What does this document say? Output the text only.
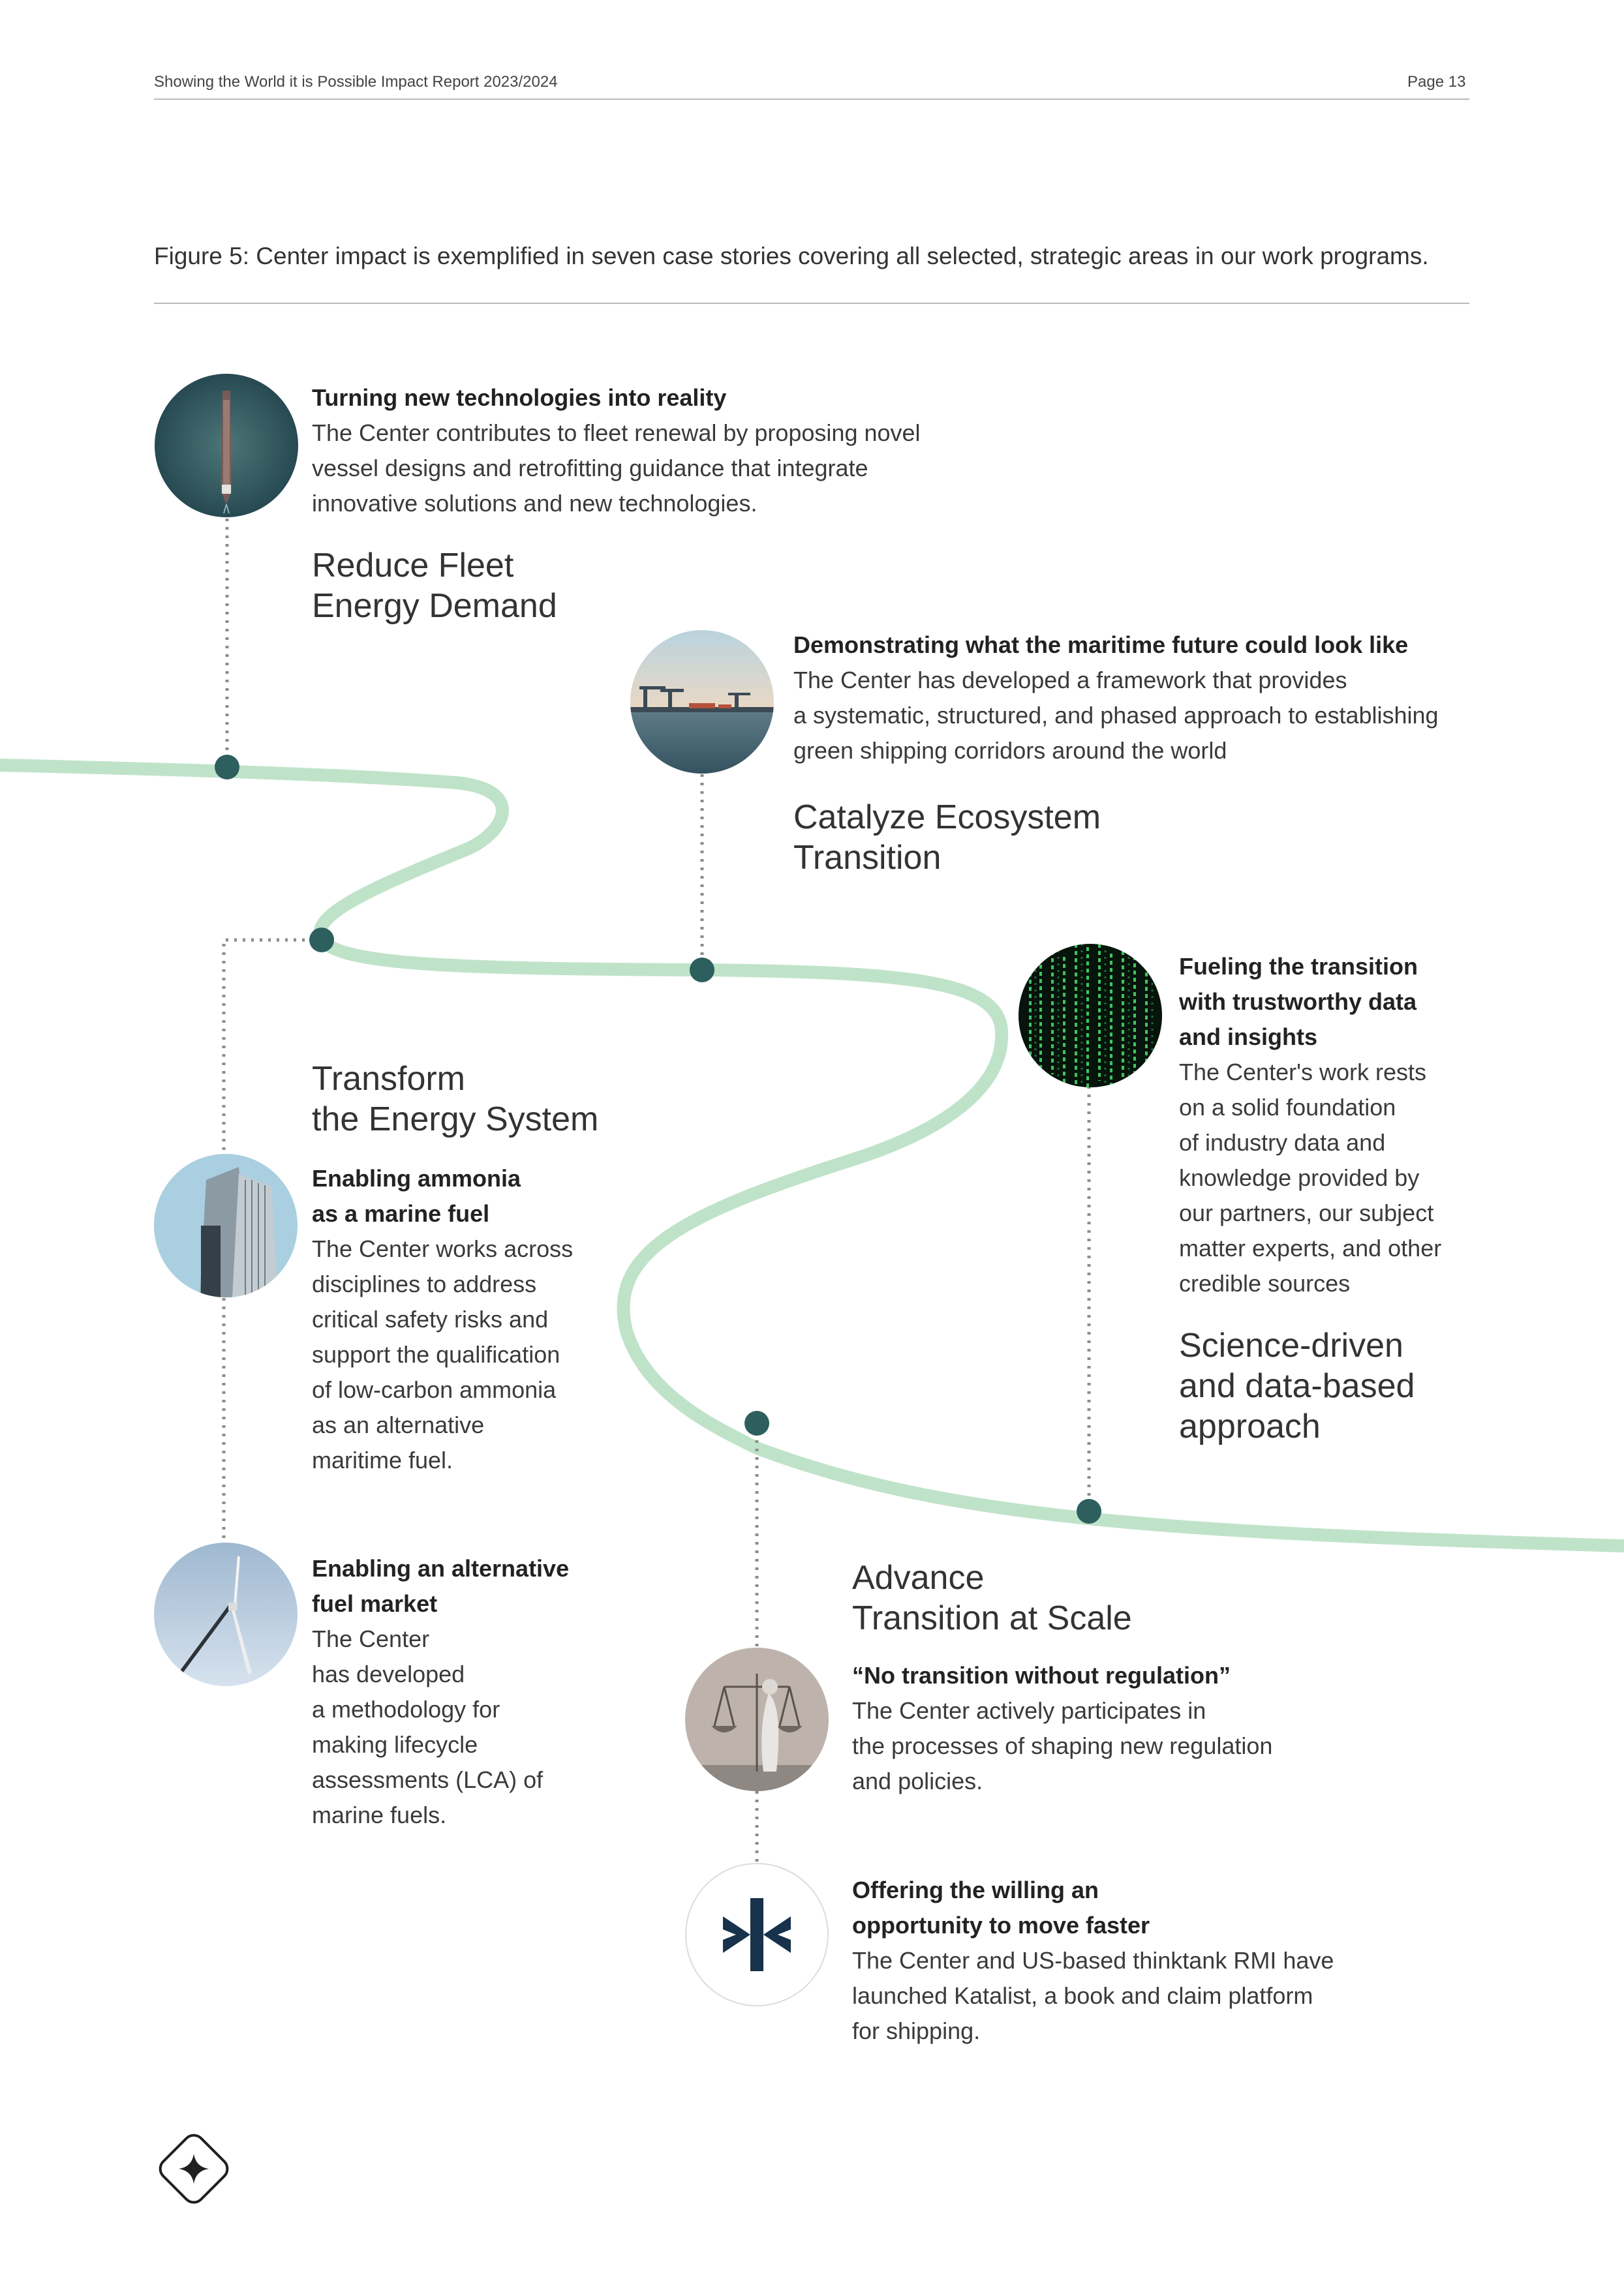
Showing the World it is Possible Impact Report 2023/2024	Page 13
Figure 5: Center impact is exemplified in seven case stories covering all selected, strategic areas in our work programs.

Turning new technologies into reality

The Center contributes to fleet renewal by proposing novel
vessel designs and retrofitting guidance that integrate
innovative solutions and new technologies.

Reduce Fleet
Energy Demand

Demonstrating what the maritime future could look like

The Center has developed a framework that provides
a systematic, structured, and phased approach to establishing
green shipping corridors around the world

Catalyze Ecosystem
Transition

Fueling the transition
with trustworthy data
and insights

The Center's work rests
on a solid foundation
of industry data and
knowledge provided by
our partners, our subject
matter experts, and other
credible sources

Science-driven
and data-based
approach
Transform
the Energy System

Enabling ammonia
as a marine fuel

The Center works across
disciplines to address
critical safety risks and
support the qualification
of low-carbon ammonia
as an alternative
maritime fuel.

Enabling an alternative
fuel market

The Center
has developed
a methodology for
making lifecycle
assessments (LCA) of
marine fuels.

Advance
Transition at Scale

“No transition without regulation”

The Center actively participates in
the processes of shaping new regulation
and policies.

Offering the willing an
opportunity to move faster

The Center and US-based thinktank RMI have
launched Katalist, a book and claim platform
for shipping.
